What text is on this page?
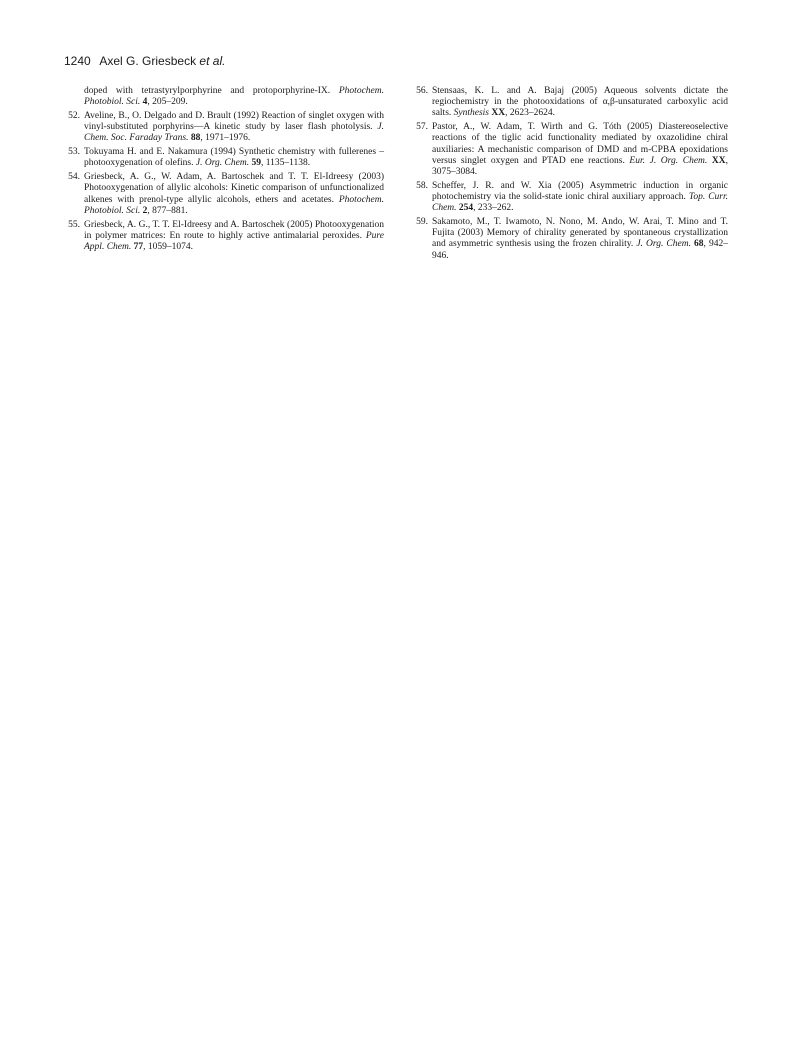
1240 Axel G. Griesbeck et al.
doped with tetrastyrylporphyrine and protoporphyrine-IX. Photochem. Photobiol. Sci. 4, 205–209.
52. Aveline, B., O. Delgado and D. Brault (1992) Reaction of singlet oxygen with vinyl-substituted porphyrins—A kinetic study by laser flash photolysis. J. Chem. Soc. Faraday Trans. 88, 1971–1976.
53. Tokuyama H. and E. Nakamura (1994) Synthetic chemistry with fullerenes – photooxygenation of olefins. J. Org. Chem. 59, 1135–1138.
54. Griesbeck, A. G., W. Adam, A. Bartoschek and T. T. El-Idreesy (2003) Photooxygenation of allylic alcohols: Kinetic comparison of unfunctionalized alkenes with prenol-type allylic alcohols, ethers and acetates. Photochem. Photobiol. Sci. 2, 877–881.
55. Griesbeck, A. G., T. T. El-Idreesy and A. Bartoschek (2005) Photooxygenation in polymer matrices: En route to highly active antimalarial peroxides. Pure Appl. Chem. 77, 1059–1074.
56. Stensaas, K. L. and A. Bajaj (2005) Aqueous solvents dictate the regiochemistry in the photooxidations of α,β-unsaturated carboxylic acid salts. Synthesis XX, 2623–2624.
57. Pastor, A., W. Adam, T. Wirth and G. Tóth (2005) Diastereoselective reactions of the tiglic acid functionality mediated by oxazolidine chiral auxiliaries: A mechanistic comparison of DMD and m-CPBA epoxidations versus singlet oxygen and PTAD ene reactions. Eur. J. Org. Chem. XX, 3075–3084.
58. Scheffer, J. R. and W. Xia (2005) Asymmetric induction in organic photochemistry via the solid-state ionic chiral auxiliary approach. Top. Curr. Chem. 254, 233–262.
59. Sakamoto, M., T. Iwamoto, N. Nono, M. Ando, W. Arai, T. Mino and T. Fujita (2003) Memory of chirality generated by spontaneous crystallization and asymmetric synthesis using the frozen chirality. J. Org. Chem. 68, 942–946.
